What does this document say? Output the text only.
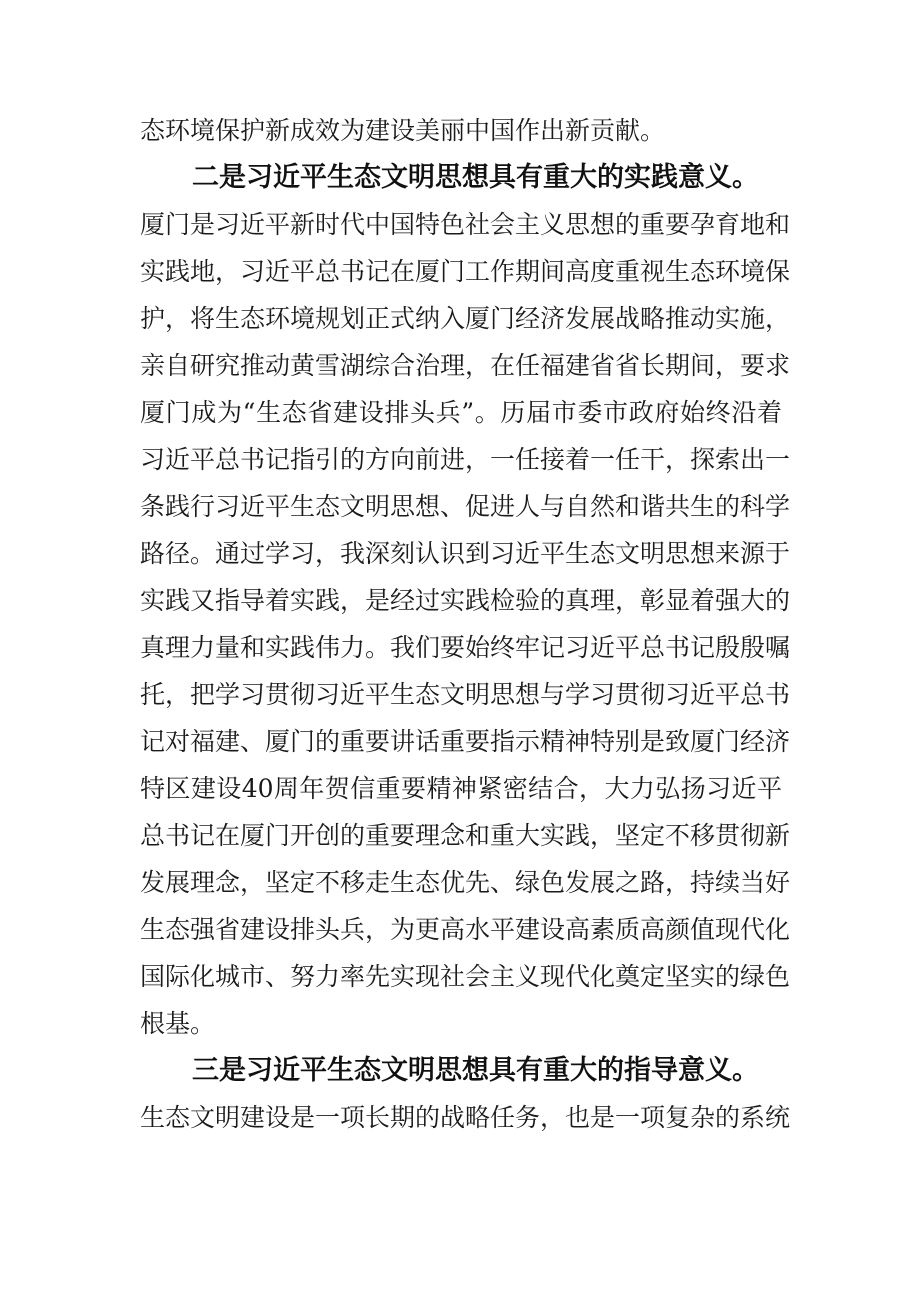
态环境保护新成效为建设美丽中国作出新贡献。
二是习近平生态文明思想具有重大的实践意义。
厦门是习近平新时代中国特色社会主义思想的重要孕育地和
实践地，习近平总书记在厦门工作期间高度重视生态环境保
护，将生态环境规划正式纳入厦门经济发展战略推动实施，
亲自研究推动黄雪湖综合治理，在任福建省省长期间，要求
厦门成为“生态省建设排头兵”。历届市委市政府始终沿着
习近平总书记指引的方向前进，一任接着一任干，探索出一
条践行习近平生态文明思想、促进人与自然和谐共生的科学
路径。通过学习，我深刻认识到习近平生态文明思想来源于
实践又指导着实践，是经过实践检验的真理，彰显着强大的
真理力量和实践伟力。我们要始终牢记习近平总书记殷殷嘱
托，把学习贯彻习近平生态文明思想与学习贯彻习近平总书
记对福建、厦门的重要讲话重要指示精神特别是致厦门经济
特区建设40周年贺信重要精神紧密结合，大力弘扬习近平
总书记在厦门开创的重要理念和重大实践，坚定不移贯彻新
发展理念，坚定不移走生态优先、绿色发展之路，持续当好
生态强省建设排头兵，为更高水平建设高素质高颜值现代化
国际化城市、努力率先实现社会主义现代化奠定坚实的绿色
根基。
三是习近平生态文明思想具有重大的指导意义。
生态文明建设是一项长期的战略任务，也是一项复杂的系统
